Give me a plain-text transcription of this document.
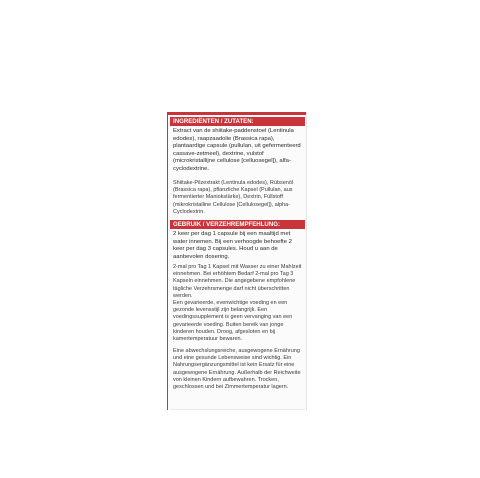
INGREDIËNTEN / ZUTATEN:

Extract van de shiitake-paddenstoel (Lentinula edodes), raapzaadolie (Brassica rapa), plantaardige capsule (pullulan, uit gefermenteerd cassave-zetmeel), dextrine, vulstof (microkristallijne cellulose [celluosegel]), alfa-cyclodextrine.

Shiitake-Pilzextrakt (Lentinula edodes), Rübsenöl (Brassica rapa), pflanzliche Kapsel (Pullulan, aus fermentierter Maniokstärke), Dextrin, Füllstoff (mikrokristalline Cellulose [Cellulosegel]), alpha-Cyclodextrin.

GEBRUIK / VERZEHREMPFEHLUNG:

2 keer per dag 1 capsule bij een maaltijd met water innemen. Bij een verhoogde behoefte 2 keer per dag 3 capsules. Houd u aan de aanbevolen dosering.

2-mal pro Tag 1 Kapsel mit Wasser zu einer Mahlzeit einnehmen. Bei erhöhtem Bedarf 2-mal pro Tag 3 Kapseln einnehmen. Die angegebene empfohlene tägliche Verzehrsmenge darf nicht überschritten werden.

Een gevarieerde, evenwichtige voeding en een gezonde levensstijl zijn belangrijk. Een voedingssupplement is geen vervanging van een gevarieerde voeding. Buiten bereik van jonge kinderen houden. Droog, afgesloten en bij kamertemperatuur bewaren.

Eine abwechslungsreiche, ausgewogene Ernährung und eine gesunde Lebensweise sind wichtig. Ein Nahrungsergänzungsmittel ist kein Ersatz für eine ausgewogene Ernährung. Außerhalb der Reichweite von kleinen Kindern aufbewahren. Trocken, geschlossen und bei Zimmertemperatur lagern.
